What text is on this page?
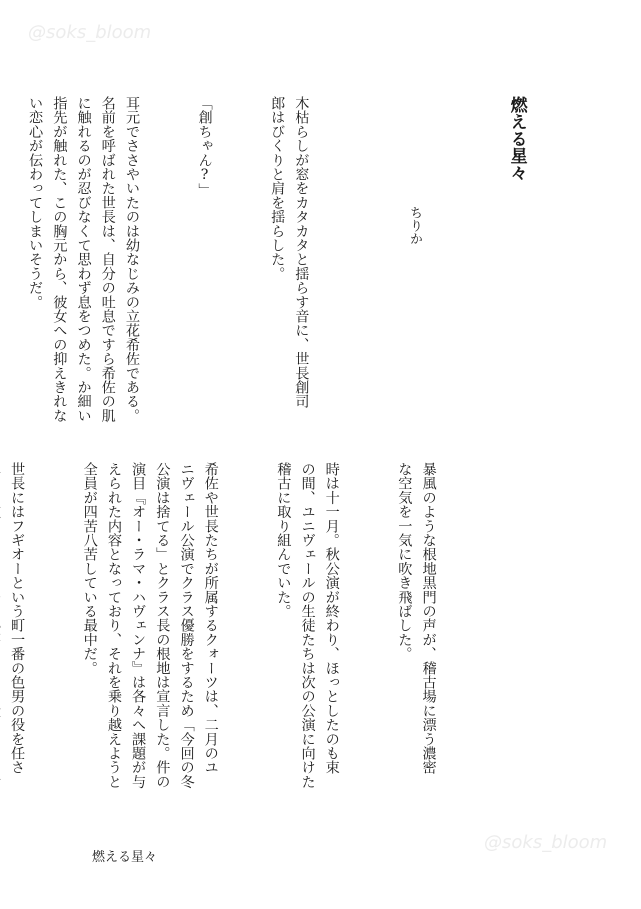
@soks_bloom
@soks_bloom

燃える星々

ちりか

木枯らしが窓をカタカタと揺らす音に、世長創司
郎はびくりと肩を揺らした。

「創ちゃん?」

耳元でささやいたのは幼なじみの立花希佐である。
名前を呼ばれた世長は、自分の吐息ですら希佐の肌
に触れるのが忍びなくて思わず息をつめた。か細い
指先が触れた、この胸元から、彼女への抑えきれな
い恋心が伝わってしまいそうだ。

暴風のような根地黒門の声が、稽古場に漂う濃密
な空気を一気に吹き飛ばした。

時は十一月。秋公演が終わり、ほっとしたのも束
の間、ユニヴェールの生徒たちは次の公演に向けた
稽古に取り組んでいた。

希佐や世長たちが所属するクォーツは、二月のユ
ニヴェール公演でクラス優勝をするため「今回の冬
公演は捨てる」とクラス長の根地は宣言した。件の
演目『オー・ラマ・ハヴェンナ』は各々へ課題が与
えられた内容となっており、それを乗り越えようと
全員が四苦八苦している最中だ。

世長にはフギオーという町一番の色男の役を任さ

燃える星々
